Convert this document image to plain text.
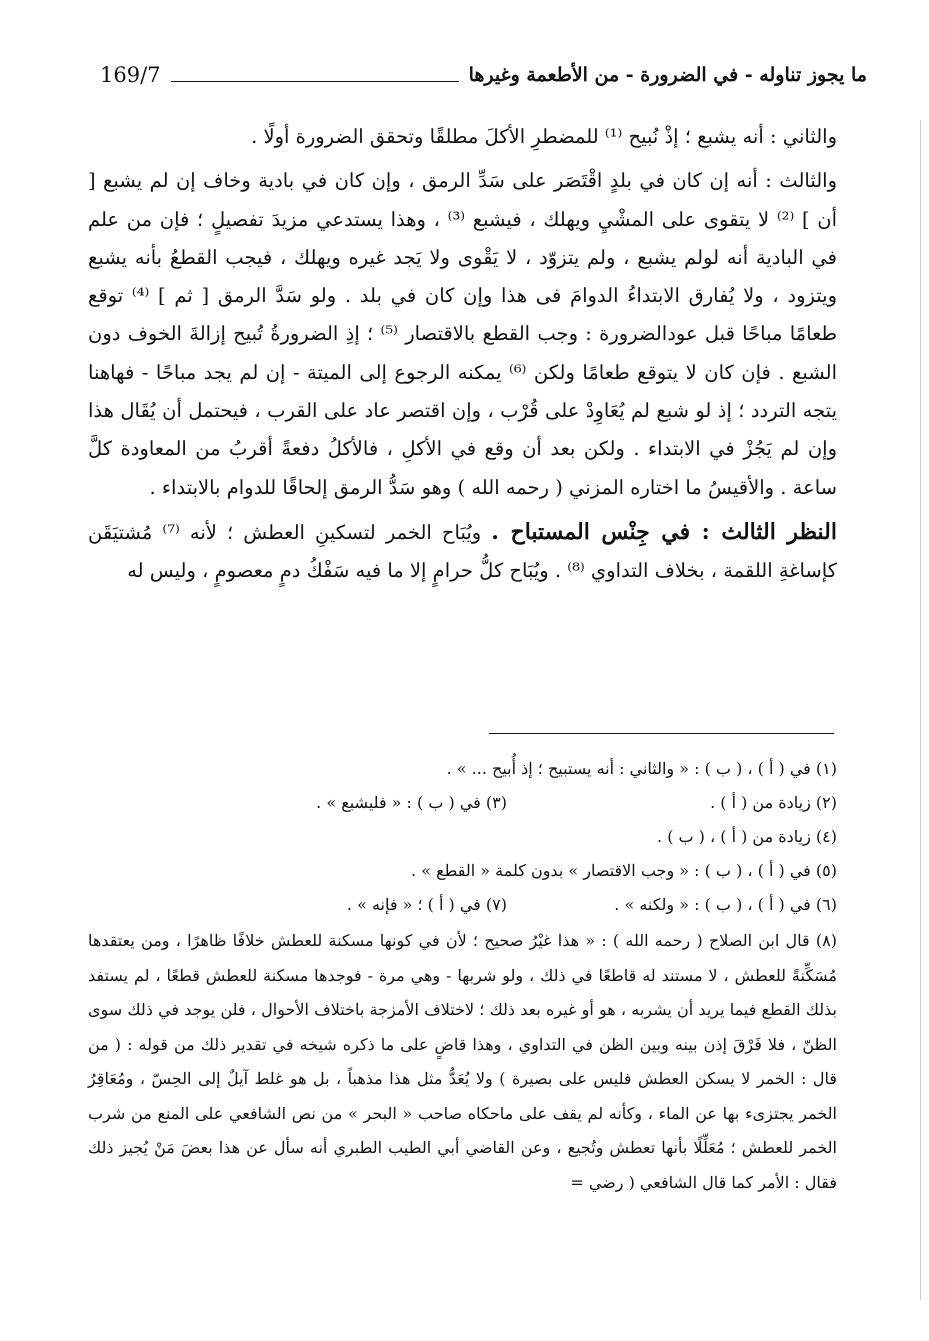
ما يجوز تناوله - في الضرورة - من الأطعمة وغيرها
169/7

والثاني : أنه يشبع ؛ إذْ نُبيح ⁽¹⁾ للمضطرِ الأكلَ مطلقًا وتحقق الضرورة أولًا .

والثالث : أنه إن كان في بلدٍ اقْتَصَر على سَدِّ الرمق ، وإن كان في بادية وخاف إن لم يشبع [ أن ] ⁽²⁾ لا يتقوى على المشْيِ ويهلك ، فيشبع ⁽³⁾ ، وهذا يستدعي مزيدَ تفصيلٍ ؛ فإن من علم في البادية أنه لولم يشبع ، ولم يتزوّد ، لا يَقْوى ولا يَجد غيره ويهلك ، فيجب القطعُ بأنه يشبع ويتزود ، ولا يُفارق الابتداءُ الدوامَ فى هذا وإن كان في بلد . ولو سَدَّ الرمق [ ثم ] ⁽⁴⁾ توقع طعامًا مباحًا قبل عودالضرورة : وجب القطع بالاقتصار ⁽⁵⁾ ؛ إذِ الضرورةُ تُبيح إزالةَ الخوف دون الشبع . فإن كان لا يتوقع طعامًا ولكن ⁽⁶⁾ يمكنه الرجوع إلى الميتة - إن لم يجد مباحًا - فهاهنا يتجه التردد ؛ إذ لو شبع لم يُعَاوِدْ على قُرْب ، وإن اقتصر عاد على القرب ، فيحتمل أن يُقَال هذا وإن لم يَجُزْ في الابتداء . ولكن بعد أن وقع في الأكلِ ، فالأكلُ دفعةً أقربُ من المعاودة كلَّ ساعة . والأقيسُ ما اختاره المزني ( رحمه الله ) وهو سَدُّ الرمق إلحاقًا للدوام بالابتداء .

النظر الثالث : في جِنْس المستباح . ويُبَاح الخمر لتسكينِ العطش ؛ لأنه ⁽⁷⁾ مُشتيَقَن كإساغةِ اللقمة ، بخلاف التداوي ⁽⁸⁾ . ويُبَاح كلُّ حرامٍ إلا ما فيه سَفْكُ دمٍ معصومٍ ، وليس له

(١) في ( أ ) ، ( ب ) : « والثاني : أنه يستبيح ؛ إذ أُبيح ... » .
(٢) زيادة من ( أ ) .
(٣) في ( ب ) : « فليشبع » .
(٤) زيادة من ( أ ) ، ( ب ) .
(٥) في ( أ ) ، ( ب ) : « وجب الاقتصار » بدون كلمة « القطع » .
(٦) في ( أ ) ، ( ب ) : « ولكنه » .
(٧) في ( أ ) ؛ « فإنه » .
(٨) قال ابن الصلاح ( رحمه الله ) : « هذا غيْرُ صحيح ؛ لأن في كونها مسكنة للعطش خلافًا ظاهرًا ، ومن يعتقدها مُسَكِّنةً للعطش ، لا مستند له قاطعًا في ذلك ، ولو شربها - وهي مرة - فوجدها مسكنة للعطش قطعًا ، لم يستفد بذلك القطع فيما يريد أن يشربه ، هو أو غيره بعد ذلك ؛ لاختلاف الأمزجة باختلاف الأحوال ، فلن يوجد في ذلك سوى الظنّ ، فلا فَرْقَ إذن بينه وبين الظن في التداوي ، وهذا قاضٍ على ما ذكره شيخه في تقدير ذلك من قوله : ( من قال : الخمر لا يسكن العطش فليس على بصيرة ) ولا يُعَدُّ مثل هذا مذهباً ، بل هو غلط آيلٌ إلى الحِسّ ، ومُعَاقِرُ الخمر يجتزىء بها عن الماء ، وكأنه لم يقف على ماحكاه صاحب « البحر » من نص الشافعي على المنع من شرب الخمر للعطش ؛ مُعَلِّلًا بأنها تعطش وتُجيع ، وعن القاضي أبي الطيب الطبري أنه سأل عن هذا بعضَ مَنْ يُجيز ذلك فقال : الأمر كما قال الشافعي ( رضي =
